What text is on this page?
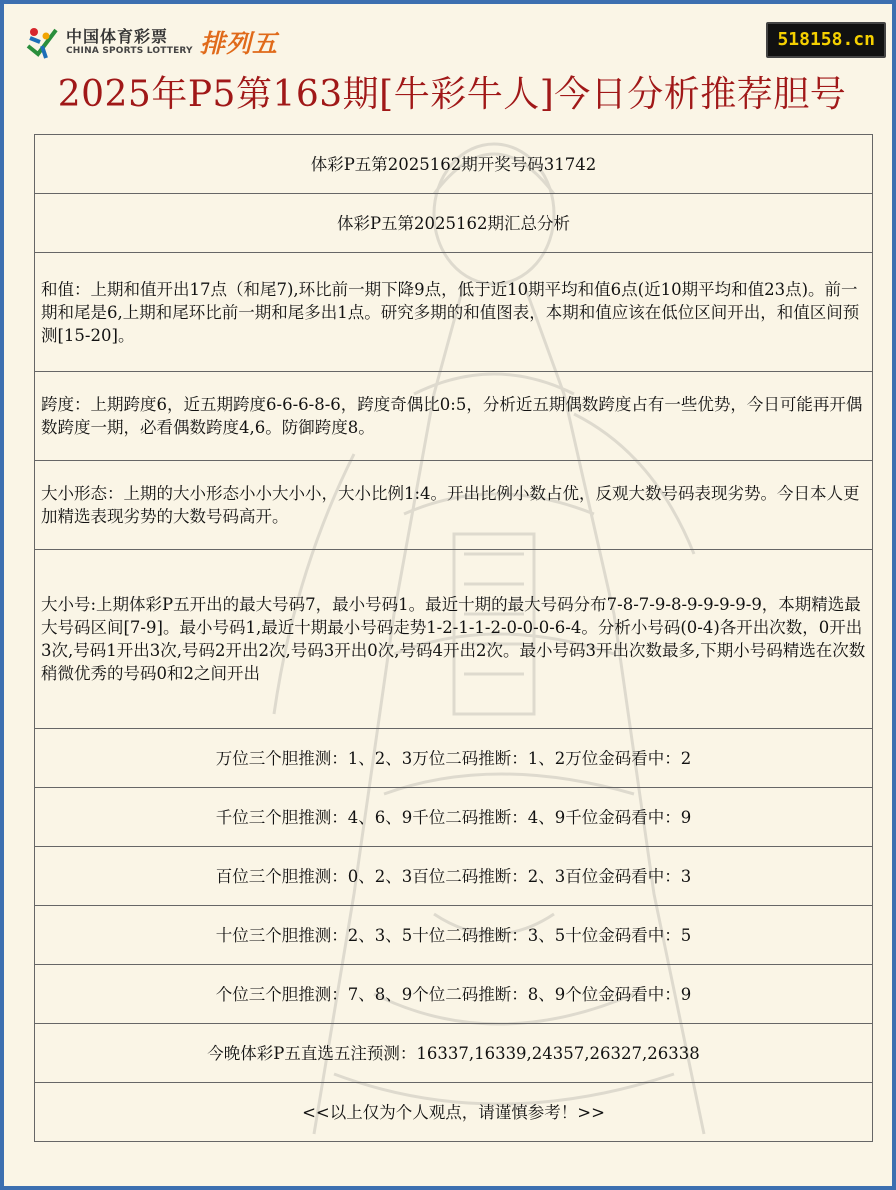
中国体育彩票
CHINA SPORTS LOTTERY 排列五	518158.cn
2025年P5第163期[牛彩牛人]今日分析推荐胆号
体彩P五第2025162期开奖号码31742
体彩P五第2025162期汇总分析
和值：上期和值开出17点（和尾7),环比前一期下降9点，低于近10期平均和值6点(近10期平均和值23点)。前一期和尾是6,上期和尾环比前一期和尾多出1点。研究多期的和值图表，本期和值应该在低位区间开出，和值区间预测[15-20]。
跨度：上期跨度6，近五期跨度6-6-6-8-6，跨度奇偶比0:5，分析近五期偶数跨度占有一些优势，今日可能再开偶数跨度一期，必看偶数跨度4,6。防御跨度8。
大小形态：上期的大小形态小小大小小，大小比例1:4。开出比例小数占优，反观大数号码表现劣势。今日本人更加精选表现劣势的大数号码高开。
大小号:上期体彩P五开出的最大号码7，最小号码1。最近十期的最大号码分布7-8-7-9-8-9-9-9-9-9，本期精选最大号码区间[7-9]。最小号码1,最近十期最小号码走势1-2-1-1-2-0-0-0-6-4。分析小号码(0-4)各开出次数，0开出3次,号码1开出3次,号码2开出2次,号码3开出0次,号码4开出2次。最小号码3开出次数最多,下期小号码精选在次数稍微优秀的号码0和2之间开出
万位三个胆推测：1、2、3万位二码推断：1、2万位金码看中：2
千位三个胆推测：4、6、9千位二码推断：4、9千位金码看中：9
百位三个胆推测：0、2、3百位二码推断：2、3百位金码看中：3
十位三个胆推测：2、3、5十位二码推断：3、5十位金码看中：5
个位三个胆推测：7、8、9个位二码推断：8、9个位金码看中：9
今晚体彩P五直选五注预测：16337,16339,24357,26327,26338
<<以上仅为个人观点，请谨慎参考！>>
